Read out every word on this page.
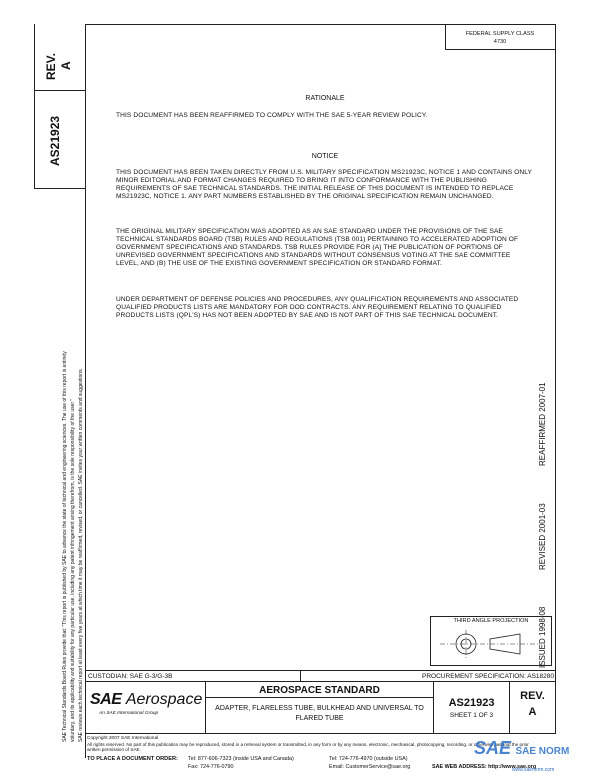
FEDERAL SUPPLY CLASS
4730
REV. A
AS21923
SAE Technical Standards Board Rules provide that: "This report is published by SAE to advance the state of technical and engineering sciences. The use of this report is entirely voluntary, and its applicability and suitability for any particular use, including any patent infringement arising therefrom, is the sole responsibility of the user." SAE reviews each technical report at least every five years at which time it may be reaffirmed, revised, or cancelled. SAE invites your written comments and suggestions.	ISSUED 1998-08
REVISED 2001-03
REAFFIRMED 2007-01
RATIONALE
THIS DOCUMENT HAS BEEN REAFFIRMED TO COMPLY WITH THE SAE 5-YEAR REVIEW POLICY.
NOTICE
THIS DOCUMENT HAS BEEN TAKEN DIRECTLY FROM U.S. MILITARY SPECIFICATION MS21923C, NOTICE 1 AND CONTAINS ONLY MINOR EDITORIAL AND FORMAT CHANGES REQUIRED TO BRING IT INTO CONFORMANCE WITH THE PUBLISHING REQUIREMENTS OF SAE TECHNICAL STANDARDS. THE INITIAL RELEASE OF THIS DOCUMENT IS INTENDED TO REPLACE MS21923C, NOTICE 1. ANY PART NUMBERS ESTABLISHED BY THE ORIGINAL SPECIFICATION REMAIN UNCHANGED.
THE ORIGINAL MILITARY SPECIFICATION WAS ADOPTED AS AN SAE STANDARD UNDER THE PROVISIONS OF THE SAE TECHNICAL STANDARDS BOARD (TSB) RULES AND REGULATIONS (TSB 001) PERTAINING TO ACCELERATED ADOPTION OF GOVERNMENT SPECIFICATIONS AND STANDARDS. TSB RULES PROVIDE FOR (A) THE PUBLICATION OF PORTIONS OF UNREVISED GOVERNMENT SPECIFICATIONS AND STANDARDS WITHOUT CONSENSUS VOTING AT THE SAE COMMITTEE LEVEL, AND (B) THE USE OF THE EXISTING GOVERNMENT SPECIFICATION OR STANDARD FORMAT.
UNDER DEPARTMENT OF DEFENSE POLICIES AND PROCEDURES, ANY QUALIFICATION REQUIREMENTS AND ASSOCIATED QUALIFIED PRODUCTS LISTS ARE MANDATORY FOR DOD CONTRACTS. ANY REQUIREMENT RELATING TO QUALIFIED PRODUCTS LISTS (QPL'S) HAS NOT BEEN ADOPTED BY SAE AND IS NOT PART OF THIS SAE TECHNICAL DOCUMENT.
THIRD ANGLE PROJECTION
CUSTODIAN: SAE G-3/G-3B	PROCUREMENT SPECIFICATION: AS18280
SAE Aerospace
An SAE International Group
AEROSPACE STANDARD
ADAPTER, FLARELESS TUBE, BULKHEAD AND UNIVERSAL TO FLARED TUBE
AS21923
SHEET 1 OF 3
REV.
A
Copyright 2007 SAE International
All rights reserved. No part of this publication may be reproduced, stored in a retrieval system or transmitted, in any form or by any means, electronic, mechanical, photocopying, recording, or otherwise, without the prior written permission of SAE.
TO PLACE A DOCUMENT ORDER: Tel: 877-606-7323 (inside USA and Canada)
Fax: 724-776-0790
Tel: 724-776-4970 (outside USA)
Email: CustomerService@sae.org	SAE WEB ADDRESS: http://www.sae.org
SAE SAE NORM
www.saenorm.com
